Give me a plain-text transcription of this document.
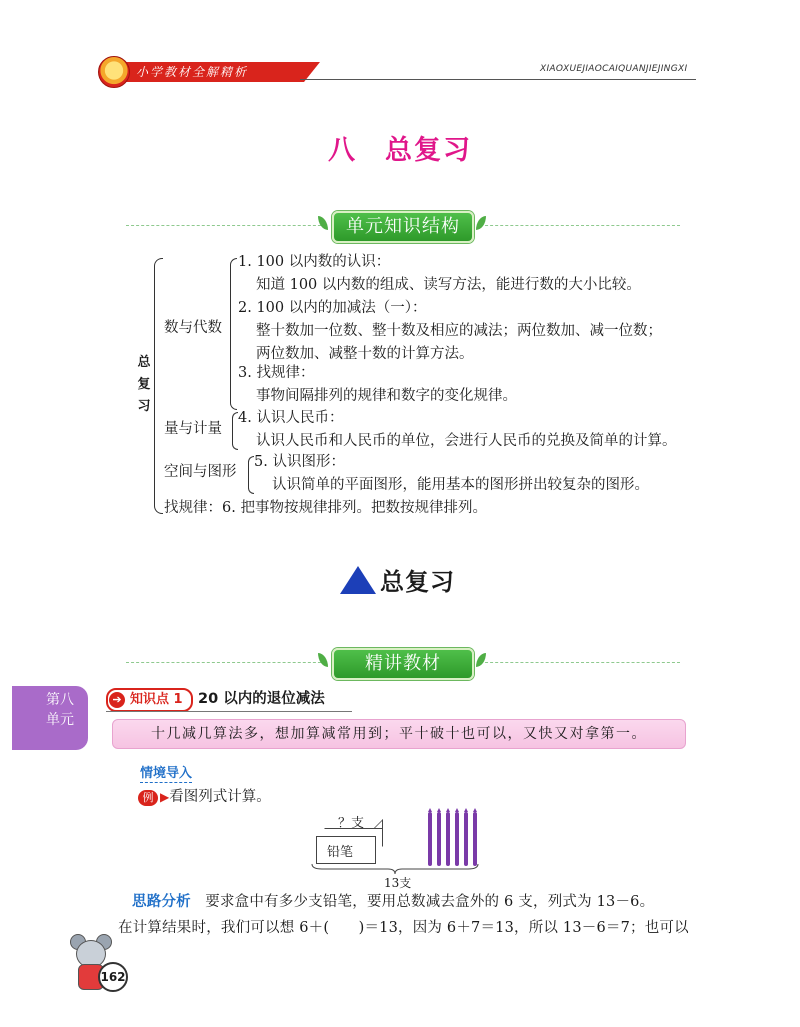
小学教材全解精析	XIAOXUEJIAOCAIQUANJIEJINGXI
八 总复习
单元知识结构
总复习
数与代数
1. 100 以内数的认识：
知道 100 以内数的组成、读写方法，能进行数的大小比较。
2. 100 以内的加减法（一）：
整十数加一位数、整十数及相应的减法；两位数加、减一位数；
两位数加、减整十数的计算方法。
3. 找规律：
事物间隔排列的规律和数字的变化规律。
量与计量
4. 认识人民币：
认识人民币和人民币的单位，会进行人民币的兑换及简单的计算。
空间与图形
5. 认识图形：
认识简单的平面图形，能用基本的图形拼出较复杂的图形。
找规律：6. 把事物按规律排列。把数按规律排列。
总复习
精讲教材
第八
单元
知识点 1
➔	20 以内的退位减法
十几减几算法多，想加算减常用到；平十破十也可以，又快又对拿第一。
情境导入
例 ▶看图列式计算。
？支
铅笔
13支
思路分析 要求盒中有多少支铅笔，要用总数减去盒外的 6 支，列式为 13－6。
在计算结果时，我们可以想 6＋(　　)＝13，因为 6＋7＝13，所以 13－6＝7；也可以
162
